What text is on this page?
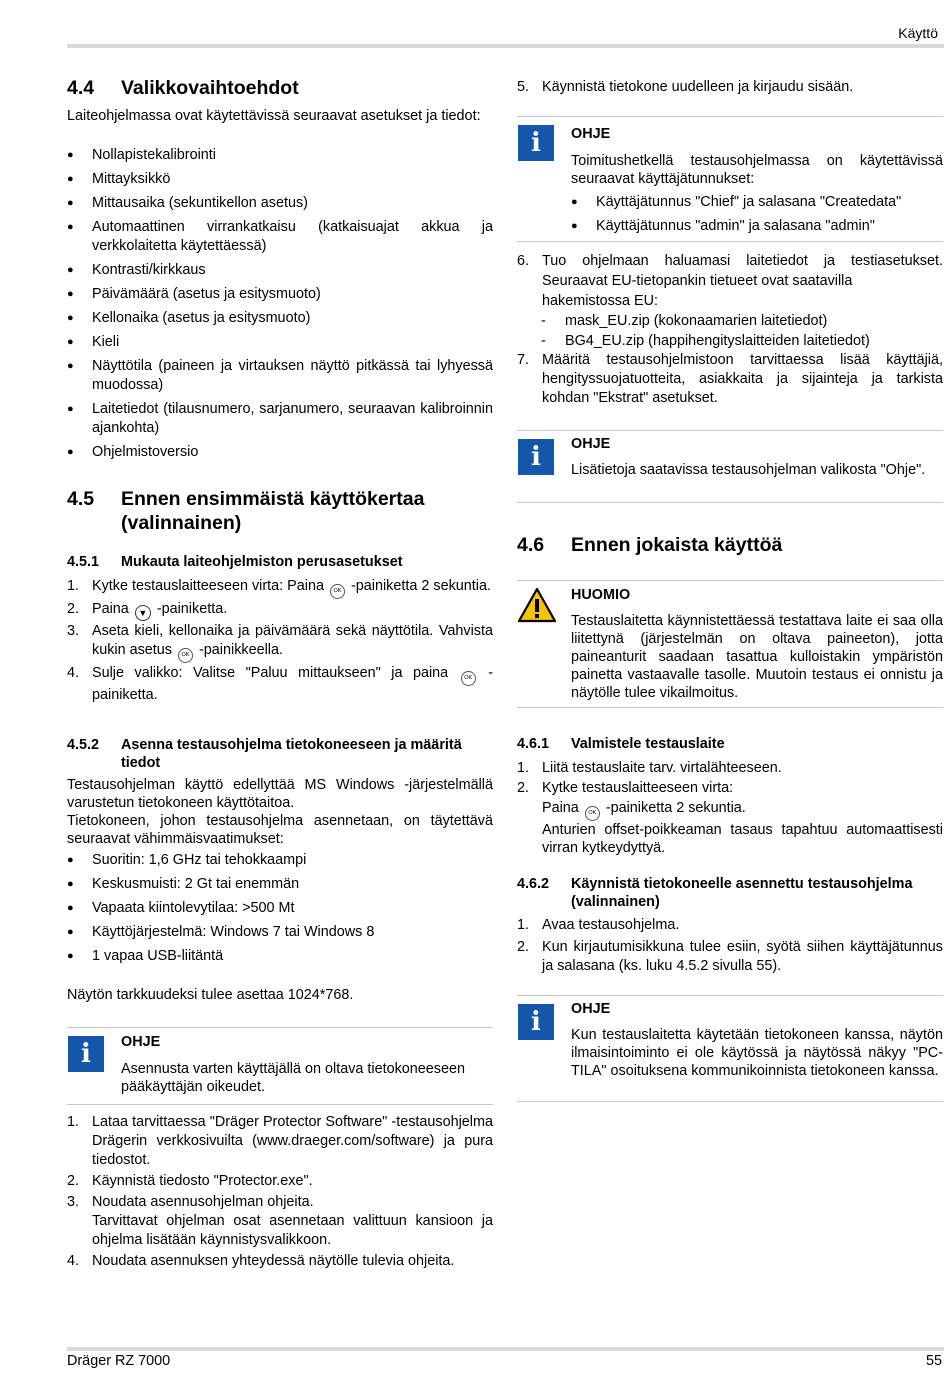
Käyttö
4.4 Valikkovaihtoehdot
Laiteohjelmassa ovat käytettävissä seuraavat asetukset ja tiedot:
● Nollapistekalibrointi
● Mittayksikkö
● Mittausaika (sekuntikellon asetus)
● Automaattinen virrankatkaisu (katkaisuajat akkua ja verkkolaitetta käytettäessä)
● Kontrasti/kirkkaus
● Päivämäärä (asetus ja esitysmuoto)
● Kellonaika (asetus ja esitysmuoto)
● Kieli
● Näyttötila (paineen ja virtauksen näyttö pitkässä tai lyhyessä muodossa)
● Laitetiedot (tilausnumero, sarjanumero, seuraavan kalibroinnin ajankohta)
● Ohjelmistoversio
4.5 Ennen ensimmäistä käyttökertaa (valinnainen)
4.5.1 Mukauta laiteohjelmiston perusasetukset
1. Kytke testauslaitteeseen virta: Paina OK -painiketta 2 sekuntia.
2. Paina ▼ -painiketta.
3. Aseta kieli, kellonaika ja päivämäärä sekä näyttötila. Vahvista kukin asetus OK -painikkeella.
4. Sulje valikko: Valitse "Paluu mittaukseen" ja paina	OK -painiketta.
4.5.2 Asenna testausohjelma tietokoneeseen ja määritä tiedot
Testausohjelman käyttö edellyttää MS Windows -järjestelmällä varustetun tietokoneen käyttötaitoa.
Tietokoneen, johon testausohjelma asennetaan, on täytettävä seuraavat vähimmäisvaatimukset:
● Suoritin: 1,6 GHz tai tehokkaampi
● Keskusmuisti: 2 Gt tai enemmän
● Vapaata kiintolevytilaa: >500 Mt
● Käyttöjärjestelmä: Windows 7 tai Windows 8
● 1 vapaa USB-liitäntä
Näytön tarkkuudeksi tulee asettaa 1024*768.
i	OHJE
Asennusta varten käyttäjällä on oltava tietokoneeseen pääkäyttäjän oikeudet.
1. Lataa tarvittaessa "Dräger Protector Software" -testausohjelma Drägerin verkkosivuilta (www.draeger.com/software) ja pura tiedostot.
2. Käynnistä tiedosto "Protector.exe".
3. Noudata asennusohjelman ohjeita.
Tarvittavat ohjelman osat asennetaan valittuun kansioon ja ohjelma lisätään käynnistysvalikkoon.
4. Noudata asennuksen yhteydessä näytölle tulevia ohjeita.
5. Käynnistä tietokone uudelleen ja kirjaudu sisään.
i	OHJE
Toimitushetkellä testausohjelmassa on käytettävissä seuraavat käyttäjätunnukset:
● Käyttäjätunnus "Chief" ja salasana "Createdata"
● Käyttäjätunnus "admin" ja salasana "admin"
6. Tuo ohjelmaan haluamasi laitetiedot ja testiasetukset. Seuraavat EU-tietopankin tietueet ovat saatavilla
hakemistossa EU:
- mask_EU.zip (kokonaamarien laitetiedot)
- BG4_EU.zip (happihengityslaitteiden laitetiedot)
7. Määritä testausohjelmistoon tarvittaessa lisää käyttäjiä, hengityssuojatuotteita, asiakkaita ja sijainteja ja tarkista kohdan "Ekstrat" asetukset.
i	OHJE
Lisätietoja saatavissa testausohjelman valikosta "Ohje".
4.6 Ennen jokaista käyttöä
HUOMIO
Testauslaitetta käynnistettäessä testattava laite ei saa olla liitettynä (järjestelmän on oltava paineeton), jotta paineanturit saadaan tasattua kulloistakin ympäristön painetta vastaavalle tasolle. Muutoin testaus ei onnistu ja näytölle tulee vikailmoitus.
4.6.1 Valmistele testauslaite
1. Liitä testauslaite tarv. virtalähteeseen.
2. Kytke testauslaitteeseen virta:
Paina OK -painiketta 2 sekuntia.
Anturien offset-poikkeaman tasaus tapahtuu automaattisesti virran kytkeydyttyä.
4.6.2 Käynnistä tietokoneelle asennettu testausohjelma (valinnainen)
1. Avaa testausohjelma.
2. Kun kirjautumisikkuna tulee esiin, syötä siihen käyttäjätunnus ja salasana (ks. luku 4.5.2 sivulla 55).
i	OHJE
Kun testauslaitetta käytetään tietokoneen kanssa, näytön ilmaisintoiminto ei ole käytössä ja näytössä näkyy "PC-TILA" osoituksena kommunikoinnista tietokoneen kanssa.
Dräger RZ 7000	55
